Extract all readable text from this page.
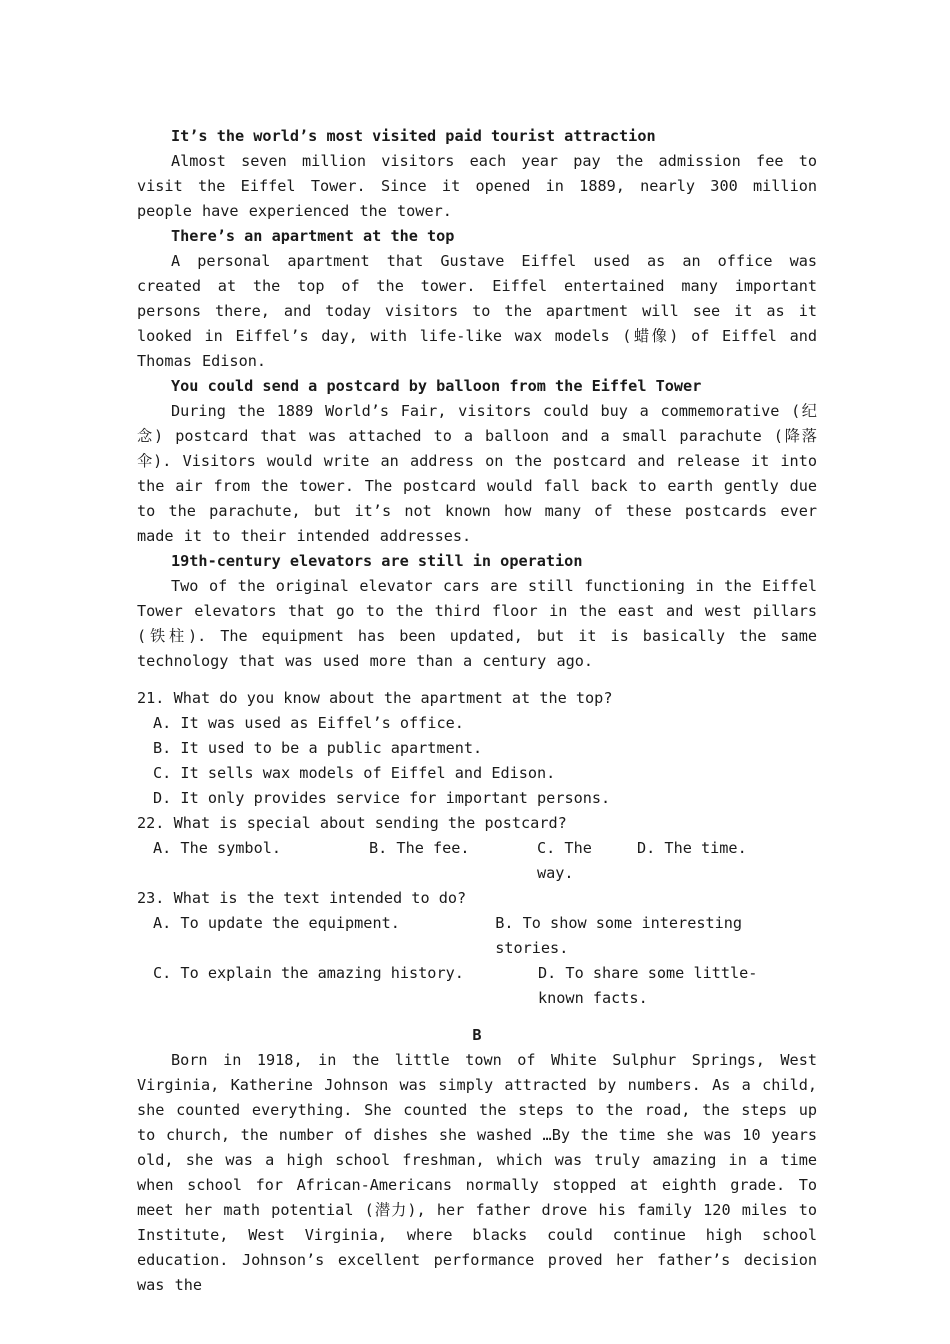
It’s the world’s most visited paid tourist attraction

Almost seven million visitors each year pay the admission fee to visit the Eiffel Tower. Since it opened in 1889, nearly 300 million people have experienced the tower.

There’s an apartment at the top

A personal apartment that Gustave Eiffel used as an office was created at the top of the tower. Eiffel entertained many important persons there, and today visitors to the apartment will see it as it looked in Eiffel’s day, with life-like wax models (蜡像) of Eiffel and Thomas Edison.

You could send a postcard by balloon from the Eiffel Tower

During the 1889 World’s Fair, visitors could buy a commemorative (纪念) postcard that was attached to a balloon and a small parachute (降落伞). Visitors would write an address on the postcard and release it into the air from the tower. The postcard would fall back to earth gently due to the parachute, but it’s not known how many of these postcards ever made it to their intended addresses.

19th-century elevators are still in operation

Two of the original elevator cars are still functioning in the Eiffel Tower elevators that go to the third floor in the east and west pillars (铁柱). The equipment has been updated, but it is basically the same technology that was used more than a century ago.

21. What do you know about the apartment at the top?

A. It was used as Eiffel’s office.

B. It used to be a public apartment.

C. It sells wax models of Eiffel and Edison.

D. It only provides service for important persons.

22. What is special about sending the postcard?

A. The symbol.	B. The fee.	C. The way.
D. The time.

23. What is the text intended to do?

A. To update the equipment.	B. To show some interesting stories.
C. To explain the amazing history.	D. To share some little-known facts.

B

Born in 1918, in the little town of White Sulphur Springs, West Virginia, Katherine Johnson was simply attracted by numbers. As a child, she counted everything. She counted the steps to the road, the steps up to church, the number of dishes she washed …By the time she was 10 years old, she was a high school freshman, which was truly amazing in a time when school for African-Americans normally stopped at eighth grade. To meet her math potential (潜力), her father drove his family 120 miles to Institute, West Virginia, where blacks could continue high school education. Johnson’s excellent performance proved her father’s decision was the
